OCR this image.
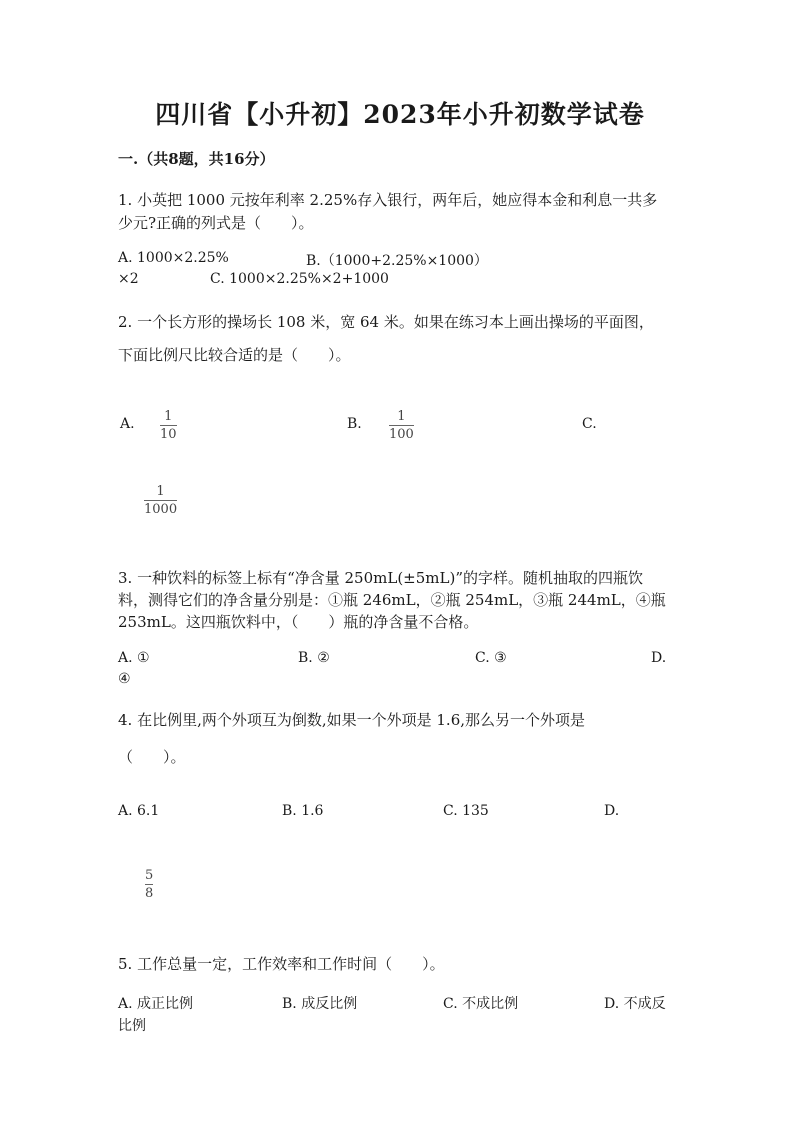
四川省【小升初】2023年小升初数学试卷
一.（共8题，共16分）
1. 小英把 1000 元按年利率 2.25%存入银行，两年后，她应得本金和利息一共多
少元?正确的列式是（　　）。
A. 1000×2.25%	B.（1000+2.25%×1000）
×2	C. 1000×2.25%×2+1000
2. 一个长方形的操场长 108 米，宽 64 米。如果在练习本上画出操场的平面图，
下面比例尺比较合适的是（　　）。
A. 1
10
B.	1
100
C.
1
1000
3. 一种饮料的标签上标有“净含量 250mL(±5mL)”的字样。随机抽取的四瓶饮
料，测得它们的净含量分别是：①瓶 246mL，②瓶 254mL，③瓶 244mL，④瓶
253mL。这四瓶饮料中，（　　）瓶的净含量不合格。
A. ①	B. ②	C. ③	D.
④
4. 在比例里,两个外项互为倒数,如果一个外项是 1.6,那么另一个外项是
（　　）。
A. 6.1	B. 1.6	C. 135	D.
5
8
5. 工作总量一定，工作效率和工作时间（　　）。
A. 成正比例	B. 成反比例	C. 不成比例	D. 不成反
比例
